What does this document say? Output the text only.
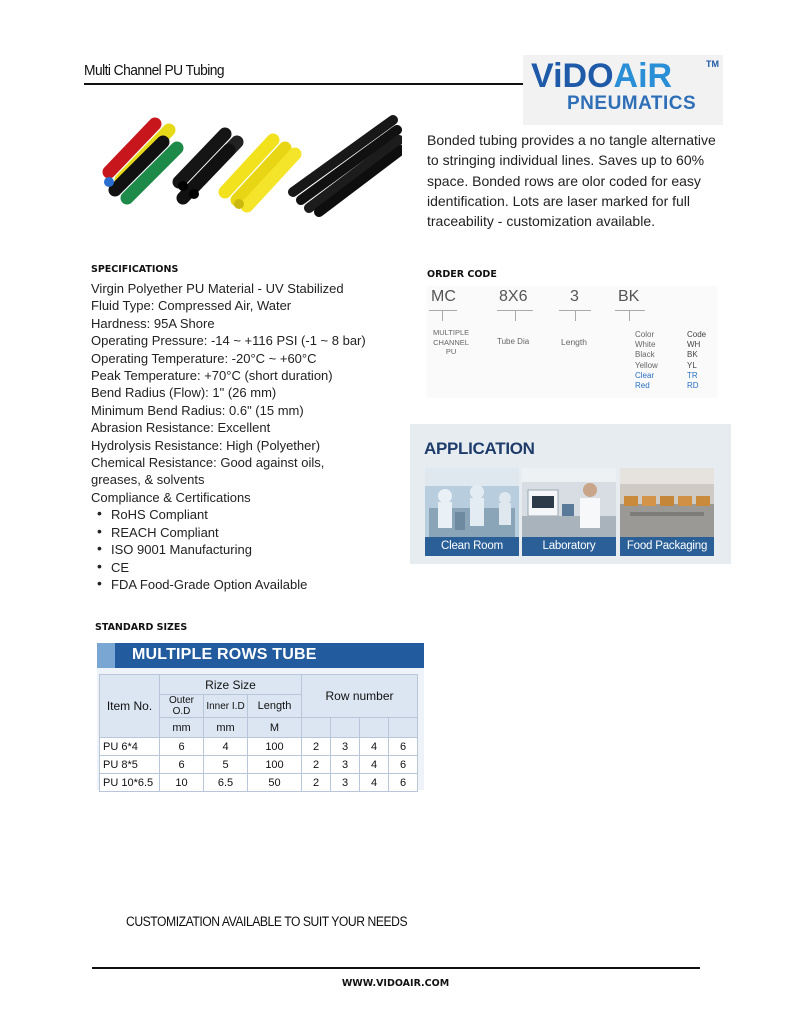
Multi Channel PU Tubing	ViDOAiR	TM
PNEUMATICS

Bonded tubing provides a no tangle alternative to stringing individual lines. Saves up to 60% space. Bonded rows are olor coded for easy identification. Lots are laser marked for full traceability - customization available.

SPECIFICATIONS
Virgin Polyether PU Material - UV Stabilized
Fluid Type: Compressed Air, Water
Hardness: 95A Shore
Operating Pressure: -14 ~ +116 PSI (-1 ~ 8 bar)
Operating Temperature: -20°C ~ +60°C
Peak Temperature: +70°C (short duration)
Bend Radius (Flow): 1" (26 mm)
Minimum Bend Radius: 0.6" (15 mm)
Abrasion Resistance: Excellent
Hydrolysis Resistance: High (Polyether)
Chemical Resistance: Good against oils,
greases, & solvents
Compliance & Certifications
• RoHS Compliant
• REACH Compliant
• ISO 9001 Manufacturing
• CE
• FDA Food-Grade Option Available
ORDER CODE
MC	8X6	3 BK
MULTIPLE
CHANNEL
PU
Tube Dia	Length
Color	Code
White	WH
Black	BK
Yellow	YL
Clear	TR
Red	RD
APPLICATION
Clean Room	Laboratory	Food Packaging
STANDARD SIZES
MULTIPLE ROWS TUBE
Item No.	Rize Size			Row number			
	Outer O.D	Inner I.D	Length				
	mm	mm	M				
PU 6*4	6	4	100	2	3	4	6
PU 8*5	6	5	100	2	3	4	6
PU 10*6.5	10	6.5	50	2	3	4	6
CUSTOMIZATION AVAILABLE TO SUIT YOUR NEEDS
WWW.VIDOAIR.COM
